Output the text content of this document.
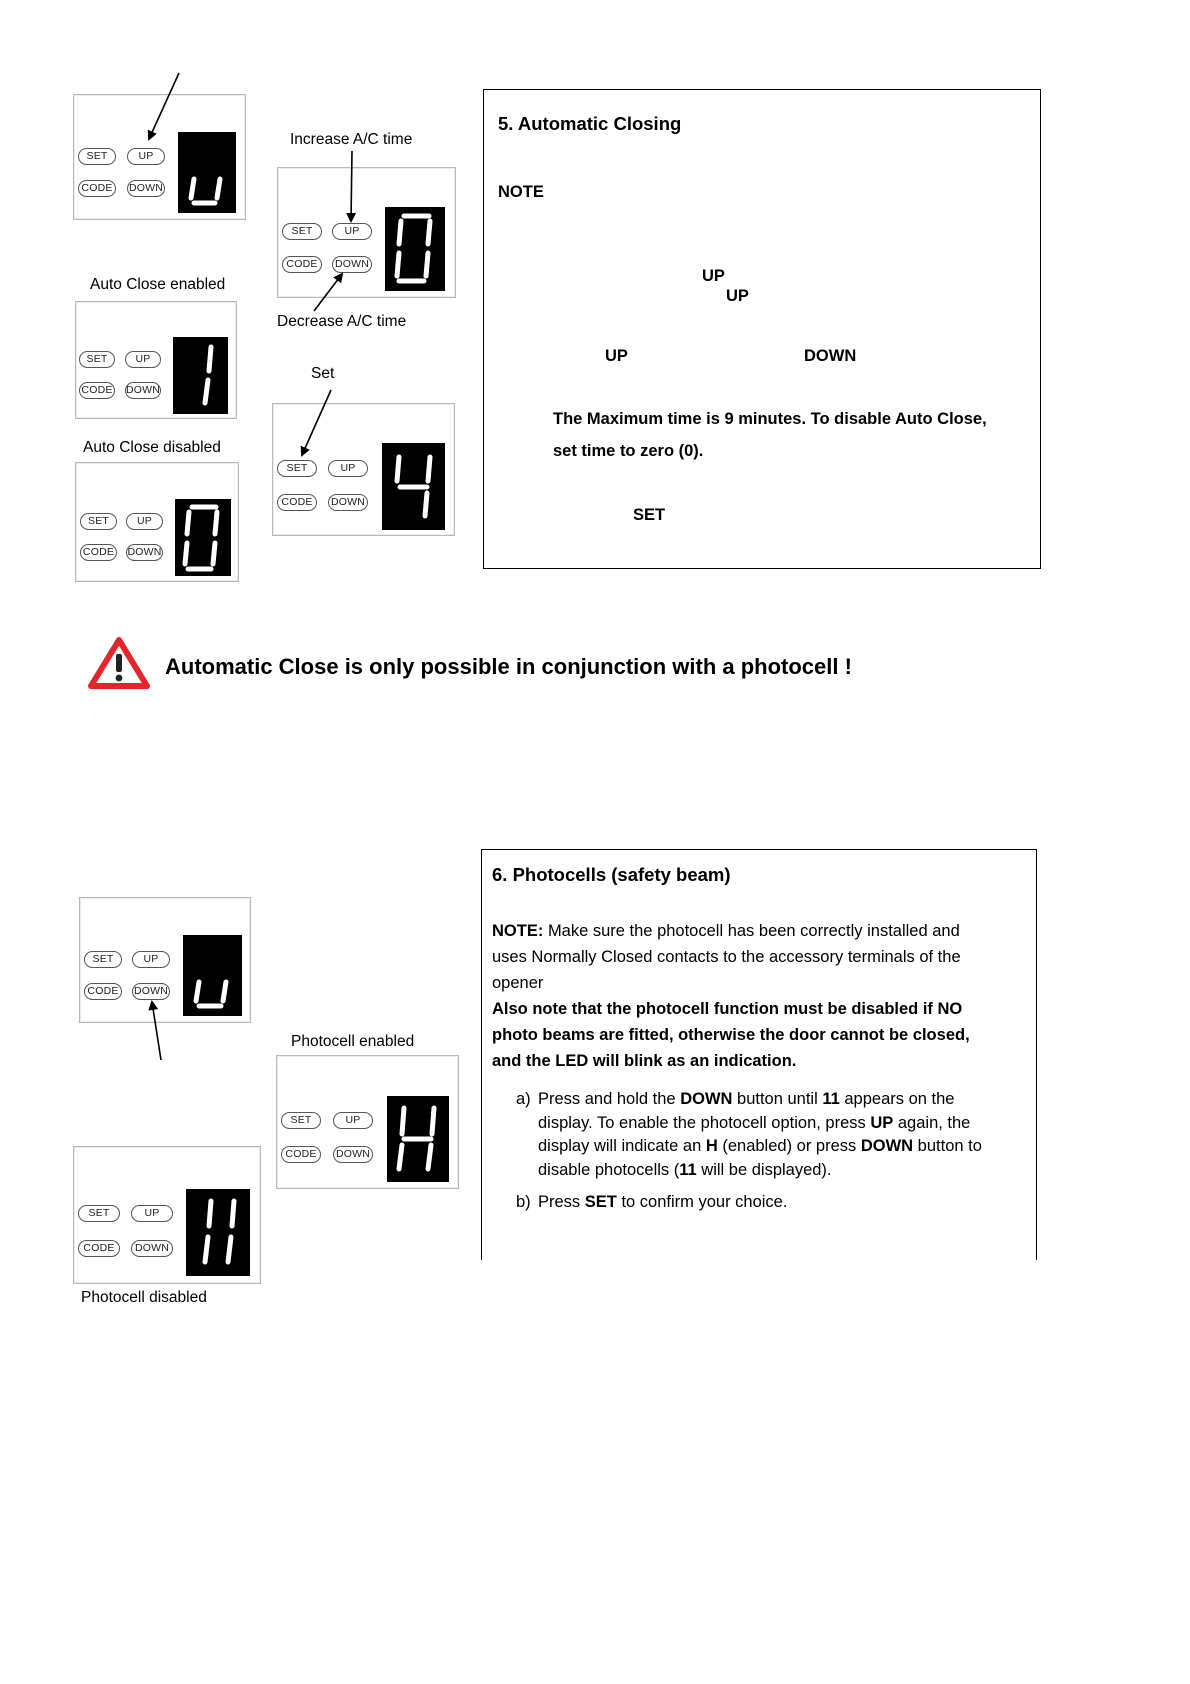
SET	UP
CODE	DOWN
Auto Close enabled
SET	UP
CODE DOWN
Auto Close disabled
SET	UP
CODE DOWN
Increase A/C time
SET	UP
CODE	DOWN
Decrease A/C time
Set
SET	UP
CODE	DOWN
5. Automatic Closing
NOTE
UP
UP
UP	DOWN
The Maximum time is 9 minutes. To disable Auto Close,
set time to zero (0).
SET
Automatic Close is only possible in conjunction with a photocell !
SET	UP
CODE	DOWN
SET	UP
CODE	DOWN
Photocell disabled
Photocell enabled
SET	UP
CODE	DOWN
6. Photocells (safety beam)
NOTE: Make sure the photocell has been correctly installed and uses Normally Closed contacts to the accessory terminals of the opener
Also note that the photocell function must be disabled if NO photo beams are fitted, otherwise the door cannot be closed, and the LED will blink as an indication.
a) Press and hold the DOWN button until 11 appears on the display. To enable the photocell option, press UP again, the display will indicate an H (enabled) or press DOWN button to disable photocells (11 will be displayed).
b) Press SET to confirm your choice.
